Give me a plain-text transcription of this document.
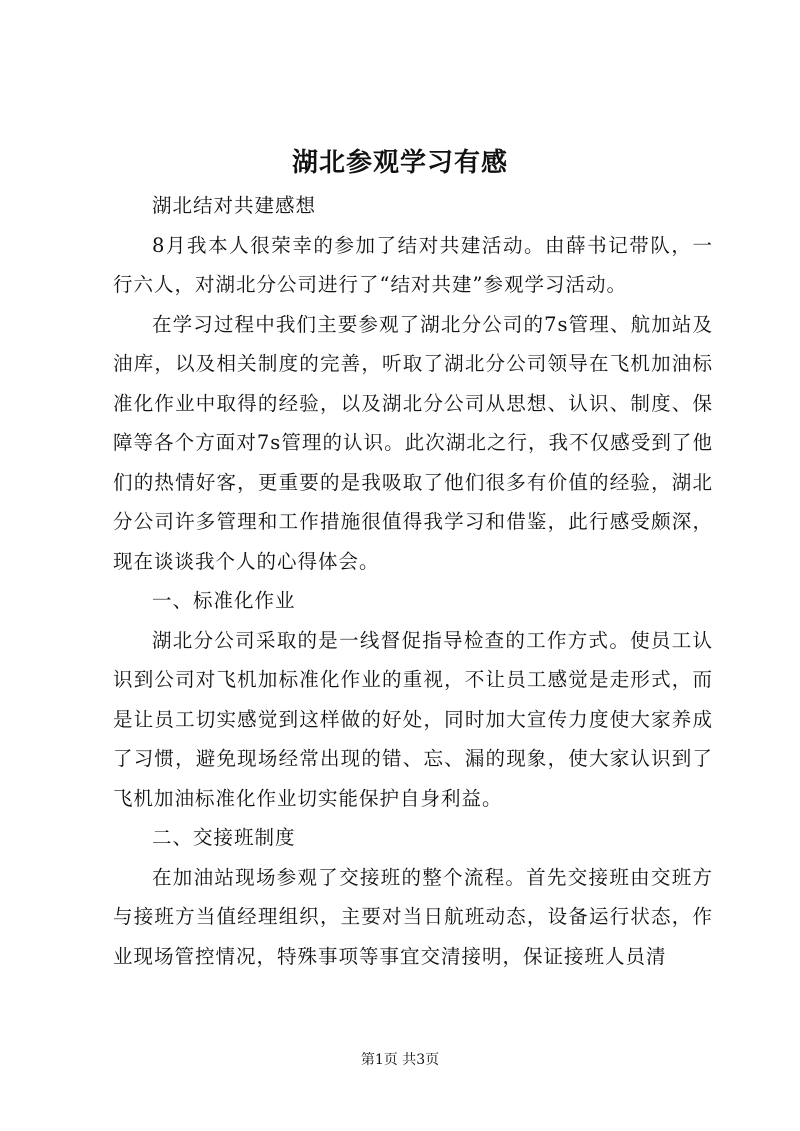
湖北参观学习有感

湖北结对共建感想

8月我本人很荣幸的参加了结对共建活动。由薛书记带队，一行六人，对湖北分公司进行了“结对共建”参观学习活动。

在学习过程中我们主要参观了湖北分公司的7s管理、航加站及油库，以及相关制度的完善，听取了湖北分公司领导在飞机加油标准化作业中取得的经验，以及湖北分公司从思想、认识、制度、保障等各个方面对7s管理的认识。此次湖北之行，我不仅感受到了他们的热情好客，更重要的是我吸取了他们很多有价值的经验，湖北分公司许多管理和工作措施很值得我学习和借鉴，此行感受颇深，现在谈谈我个人的心得体会。

一、标准化作业

湖北分公司采取的是一线督促指导检查的工作方式。使员工认识到公司对飞机加标准化作业的重视，不让员工感觉是走形式，而是让员工切实感觉到这样做的好处，同时加大宣传力度使大家养成了习惯，避免现场经常出现的错、忘、漏的现象，使大家认识到了飞机加油标准化作业切实能保护自身利益。

二、交接班制度

在加油站现场参观了交接班的整个流程。首先交接班由交班方与接班方当值经理组织，主要对当日航班动态，设备运行状态，作业现场管控情况，特殊事项等事宜交清接明，保证接班人员清

第1页 共3页
